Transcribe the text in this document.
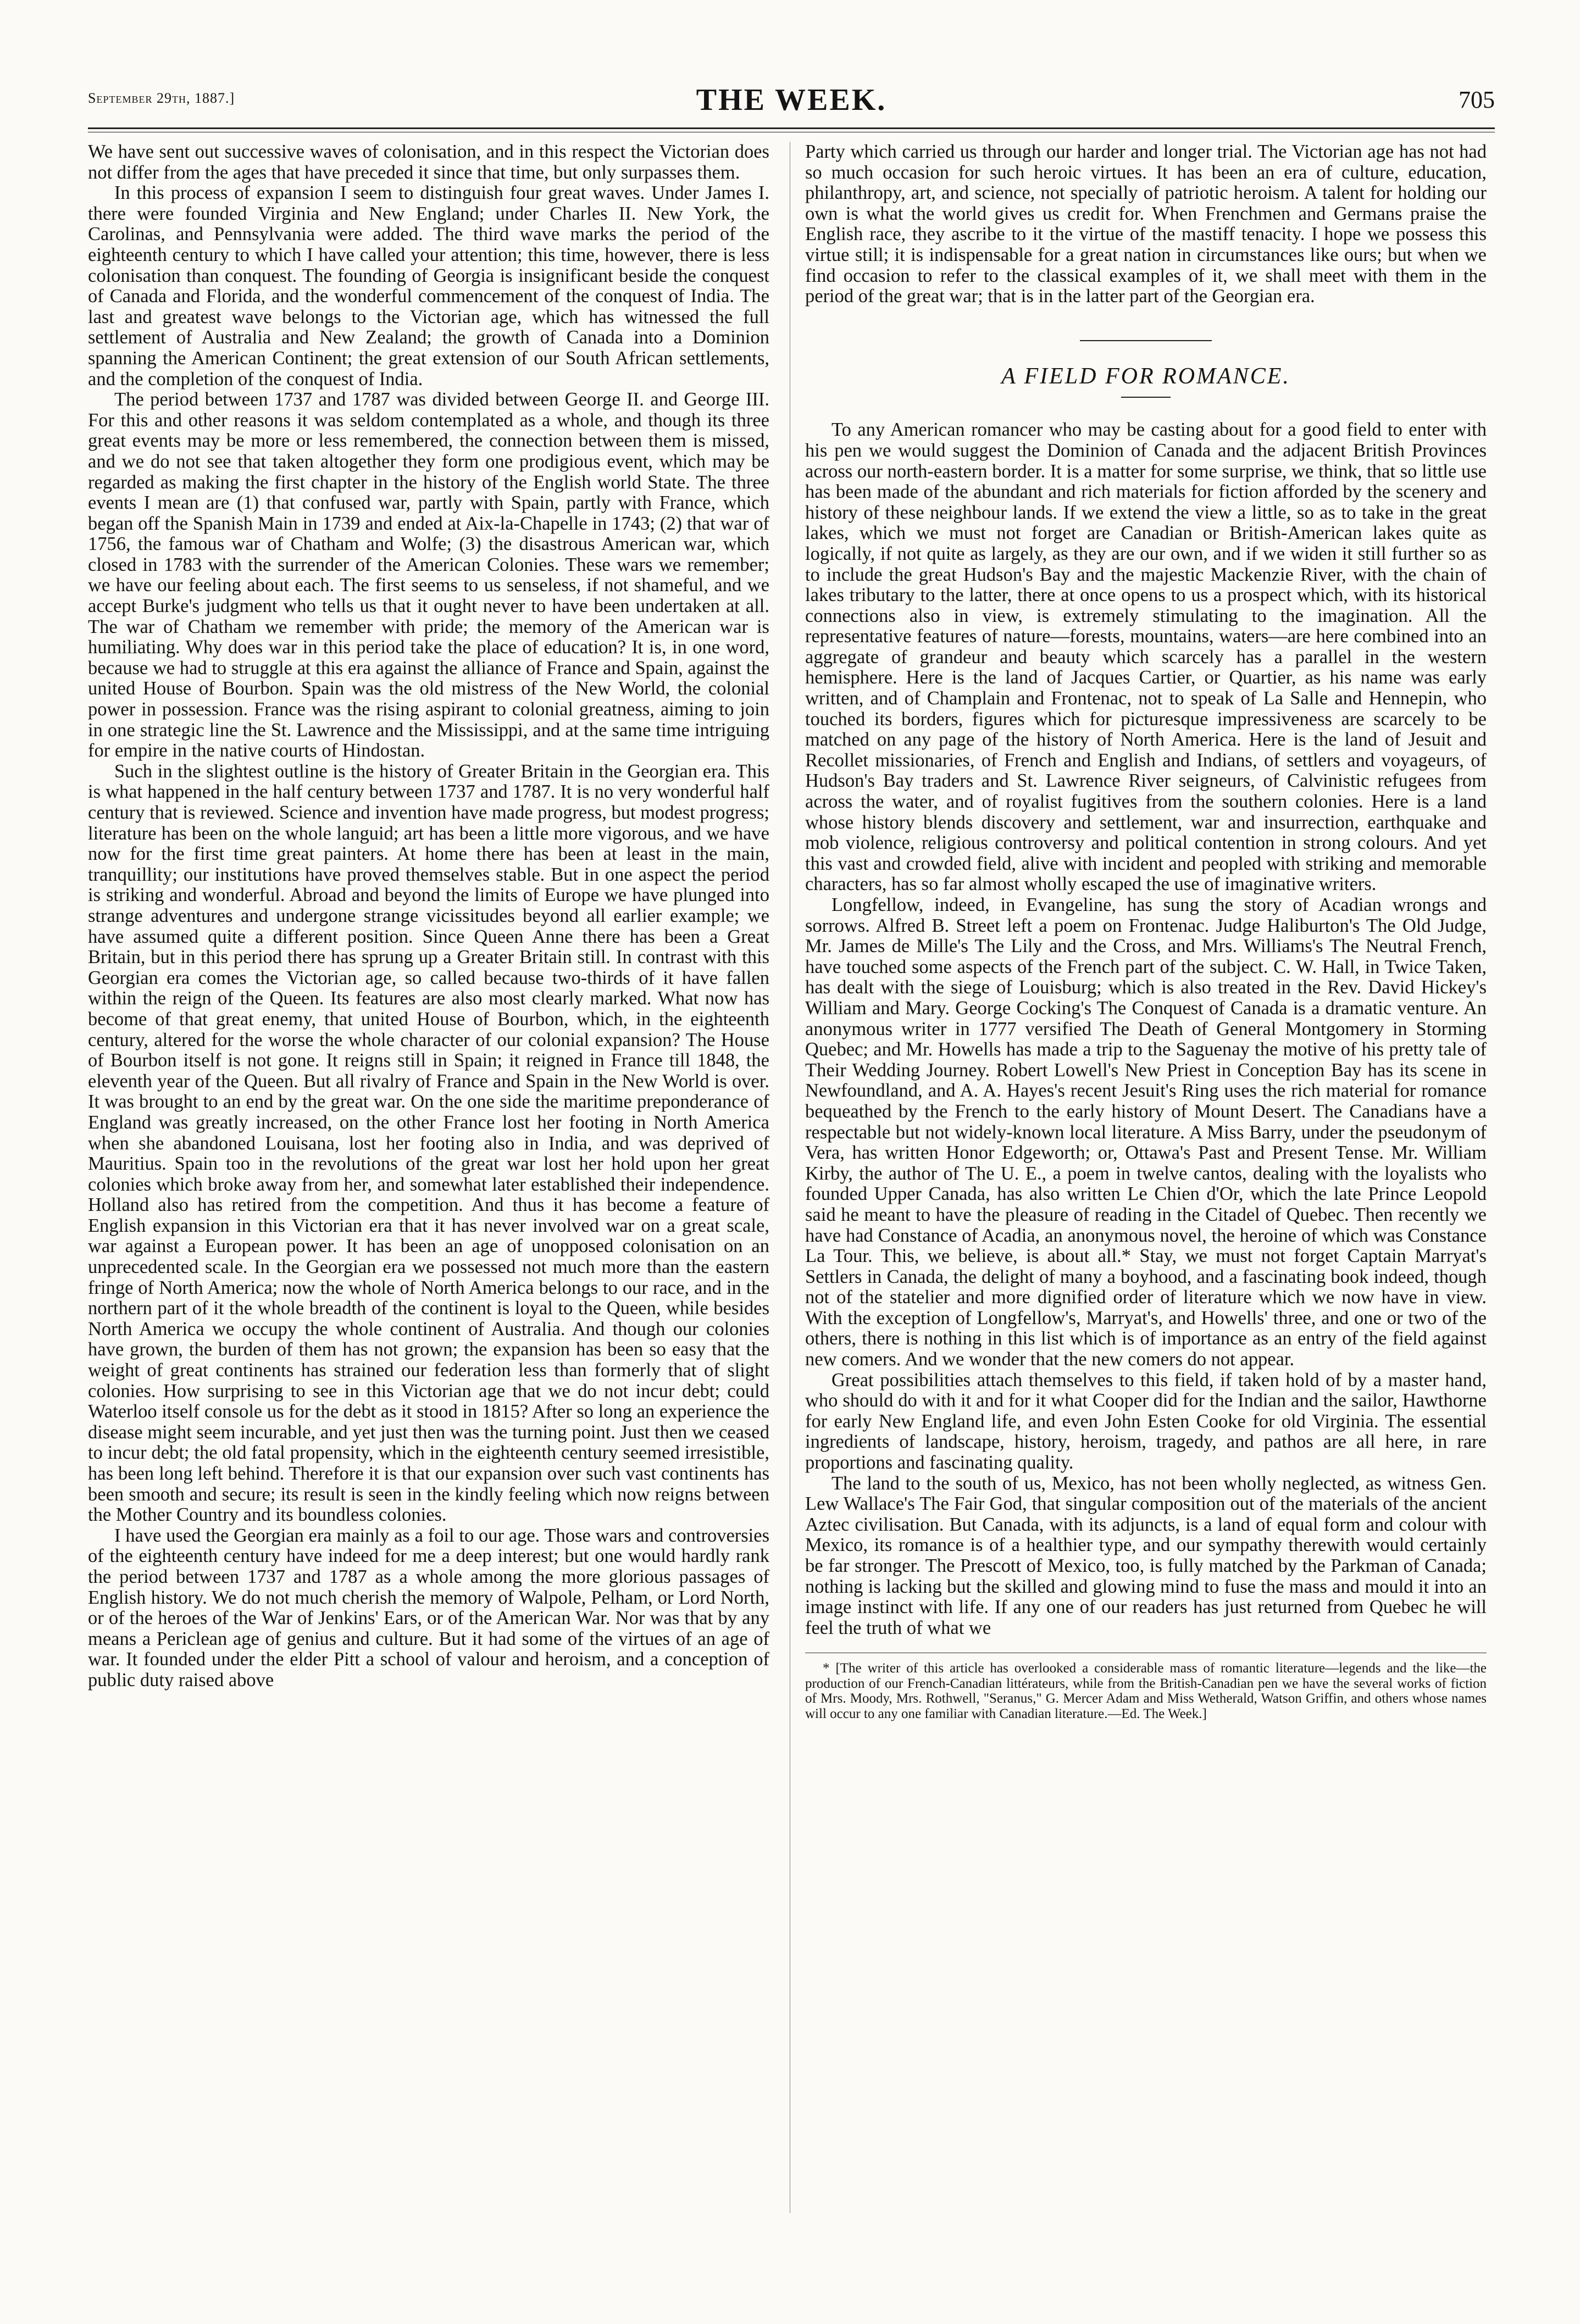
September 29th, 1887.]	THE WEEK.	705

We have sent out successive waves of colonisation, and in this respect the Victorian does not differ from the ages that have preceded it since that time, but only surpasses them.

In this process of expansion I seem to distinguish four great waves. Under James I. there were founded Virginia and New England; under Charles II. New York, the Carolinas, and Pennsylvania were added. The third wave marks the period of the eighteenth century to which I have called your attention; this time, however, there is less colonisation than conquest. The founding of Georgia is insignificant beside the conquest of Canada and Florida, and the wonderful commencement of the conquest of India. The last and greatest wave belongs to the Victorian age, which has witnessed the full settlement of Australia and New Zealand; the growth of Canada into a Dominion spanning the American Continent; the great extension of our South African settlements, and the completion of the conquest of India.

The period between 1737 and 1787 was divided between George II. and George III. For this and other reasons it was seldom contemplated as a whole, and though its three great events may be more or less remembered, the connection between them is missed, and we do not see that taken altogether they form one prodigious event, which may be regarded as making the first chapter in the history of the English world State. The three events I mean are (1) that confused war, partly with Spain, partly with France, which began off the Spanish Main in 1739 and ended at Aix-la-Chapelle in 1743; (2) that war of 1756, the famous war of Chatham and Wolfe; (3) the disastrous American war, which closed in 1783 with the surrender of the American Colonies. These wars we remember; we have our feeling about each. The first seems to us senseless, if not shameful, and we accept Burke's judgment who tells us that it ought never to have been undertaken at all. The war of Chatham we remember with pride; the memory of the American war is humiliating. Why does war in this period take the place of education? It is, in one word, because we had to struggle at this era against the alliance of France and Spain, against the united House of Bourbon. Spain was the old mistress of the New World, the colonial power in possession. France was the rising aspirant to colonial greatness, aiming to join in one strategic line the St. Lawrence and the Mississippi, and at the same time intriguing for empire in the native courts of Hindostan.

Such in the slightest outline is the history of Greater Britain in the Georgian era. This is what happened in the half century between 1737 and 1787. It is no very wonderful half century that is reviewed. Science and invention have made progress, but modest progress; literature has been on the whole languid; art has been a little more vigorous, and we have now for the first time great painters. At home there has been at least in the main, tranquillity; our institutions have proved themselves stable. But in one aspect the period is striking and wonderful. Abroad and beyond the limits of Europe we have plunged into strange adventures and undergone strange vicissitudes beyond all earlier example; we have assumed quite a different position. Since Queen Anne there has been a Great Britain, but in this period there has sprung up a Greater Britain still. In contrast with this Georgian era comes the Victorian age, so called because two-thirds of it have fallen within the reign of the Queen. Its features are also most clearly marked. What now has become of that great enemy, that united House of Bourbon, which, in the eighteenth century, altered for the worse the whole character of our colonial expansion? The House of Bourbon itself is not gone. It reigns still in Spain; it reigned in France till 1848, the eleventh year of the Queen. But all rivalry of France and Spain in the New World is over. It was brought to an end by the great war. On the one side the maritime preponderance of England was greatly increased, on the other France lost her footing in North America when she abandoned Louisana, lost her footing also in India, and was deprived of Mauritius. Spain too in the revolutions of the great war lost her hold upon her great colonies which broke away from her, and somewhat later established their independence. Holland also has retired from the competition. And thus it has become a feature of English expansion in this Victorian era that it has never involved war on a great scale, war against a European power. It has been an age of unopposed colonisation on an unprecedented scale. In the Georgian era we possessed not much more than the eastern fringe of North America; now the whole of North America belongs to our race, and in the northern part of it the whole breadth of the continent is loyal to the Queen, while besides North America we occupy the whole continent of Australia. And though our colonies have grown, the burden of them has not grown; the expansion has been so easy that the weight of great continents has strained our federation less than formerly that of slight colonies. How surprising to see in this Victorian age that we do not incur debt; could Waterloo itself console us for the debt as it stood in 1815? After so long an experience the disease might seem incurable, and yet just then was the turning point. Just then we ceased to incur debt; the old fatal propensity, which in the eighteenth century seemed irresistible, has been long left behind. Therefore it is that our expansion over such vast continents has been smooth and secure; its result is seen in the kindly feeling which now reigns between the Mother Country and its boundless colonies.

I have used the Georgian era mainly as a foil to our age. Those wars and controversies of the eighteenth century have indeed for me a deep interest; but one would hardly rank the period between 1737 and 1787 as a whole among the more glorious passages of English history. We do not much cherish the memory of Walpole, Pelham, or Lord North, or of the heroes of the War of Jenkins' Ears, or of the American War. Nor was that by any means a Periclean age of genius and culture. But it had some of the virtues of an age of war. It founded under the elder Pitt a school of valour and heroism, and a conception of public duty raised above

Party which carried us through our harder and longer trial. The Victorian age has not had so much occasion for such heroic virtues. It has been an era of culture, education, philanthropy, art, and science, not specially of patriotic heroism. A talent for holding our own is what the world gives us credit for. When Frenchmen and Germans praise the English race, they ascribe to it the virtue of the mastiff tenacity. I hope we possess this virtue still; it is indispensable for a great nation in circumstances like ours; but when we find occasion to refer to the classical examples of it, we shall meet with them in the period of the great war; that is in the latter part of the Georgian era.

A FIELD FOR ROMANCE.

To any American romancer who may be casting about for a good field to enter with his pen we would suggest the Dominion of Canada and the adjacent British Provinces across our north-eastern border. It is a matter for some surprise, we think, that so little use has been made of the abundant and rich materials for fiction afforded by the scenery and history of these neighbour lands. If we extend the view a little, so as to take in the great lakes, which we must not forget are Canadian or British-American lakes quite as logically, if not quite as largely, as they are our own, and if we widen it still further so as to include the great Hudson's Bay and the majestic Mackenzie River, with the chain of lakes tributary to the latter, there at once opens to us a prospect which, with its historical connections also in view, is extremely stimulating to the imagination. All the representative features of nature—forests, mountains, waters—are here combined into an aggregate of grandeur and beauty which scarcely has a parallel in the western hemisphere. Here is the land of Jacques Cartier, or Quartier, as his name was early written, and of Champlain and Frontenac, not to speak of La Salle and Hennepin, who touched its borders, figures which for picturesque impressiveness are scarcely to be matched on any page of the history of North America. Here is the land of Jesuit and Recollet missionaries, of French and English and Indians, of settlers and voyageurs, of Hudson's Bay traders and St. Lawrence River seigneurs, of Calvinistic refugees from across the water, and of royalist fugitives from the southern colonies. Here is a land whose history blends discovery and settlement, war and insurrection, earthquake and mob violence, religious controversy and political contention in strong colours. And yet this vast and crowded field, alive with incident and peopled with striking and memorable characters, has so far almost wholly escaped the use of imaginative writers.

Longfellow, indeed, in Evangeline, has sung the story of Acadian wrongs and sorrows. Alfred B. Street left a poem on Frontenac. Judge Haliburton's The Old Judge, Mr. James de Mille's The Lily and the Cross, and Mrs. Williams's The Neutral French, have touched some aspects of the French part of the subject. C. W. Hall, in Twice Taken, has dealt with the siege of Louisburg; which is also treated in the Rev. David Hickey's William and Mary. George Cocking's The Conquest of Canada is a dramatic venture. An anonymous writer in 1777 versified The Death of General Montgomery in Storming Quebec; and Mr. Howells has made a trip to the Saguenay the motive of his pretty tale of Their Wedding Journey. Robert Lowell's New Priest in Conception Bay has its scene in Newfoundland, and A. A. Hayes's recent Jesuit's Ring uses the rich material for romance bequeathed by the French to the early history of Mount Desert. The Canadians have a respectable but not widely-known local literature. A Miss Barry, under the pseudonym of Vera, has written Honor Edgeworth; or, Ottawa's Past and Present Tense. Mr. William Kirby, the author of The U. E., a poem in twelve cantos, dealing with the loyalists who founded Upper Canada, has also written Le Chien d'Or, which the late Prince Leopold said he meant to have the pleasure of reading in the Citadel of Quebec. Then recently we have had Constance of Acadia, an anonymous novel, the heroine of which was Constance La Tour. This, we believe, is about all.* Stay, we must not forget Captain Marryat's Settlers in Canada, the delight of many a boyhood, and a fascinating book indeed, though not of the statelier and more dignified order of literature which we now have in view. With the exception of Longfellow's, Marryat's, and Howells' three, and one or two of the others, there is nothing in this list which is of importance as an entry of the field against new comers. And we wonder that the new comers do not appear.

Great possibilities attach themselves to this field, if taken hold of by a master hand, who should do with it and for it what Cooper did for the Indian and the sailor, Hawthorne for early New England life, and even John Esten Cooke for old Virginia. The essential ingredients of landscape, history, heroism, tragedy, and pathos are all here, in rare proportions and fascinating quality.

The land to the south of us, Mexico, has not been wholly neglected, as witness Gen. Lew Wallace's The Fair God, that singular composition out of the materials of the ancient Aztec civilisation. But Canada, with its adjuncts, is a land of equal form and colour with Mexico, its romance is of a healthier type, and our sympathy therewith would certainly be far stronger. The Prescott of Mexico, too, is fully matched by the Parkman of Canada; nothing is lacking but the skilled and glowing mind to fuse the mass and mould it into an image instinct with life. If any one of our readers has just returned from Quebec he will feel the truth of what we

* [The writer of this article has overlooked a considerable mass of romantic literature—legends and the like—the production of our French-Canadian littérateurs, while from the British-Canadian pen we have the several works of fiction of Mrs. Moody, Mrs. Rothwell, "Seranus," G. Mercer Adam and Miss Wetherald, Watson Griffin, and others whose names will occur to any one familiar with Canadian literature.—Ed. The Week.]
